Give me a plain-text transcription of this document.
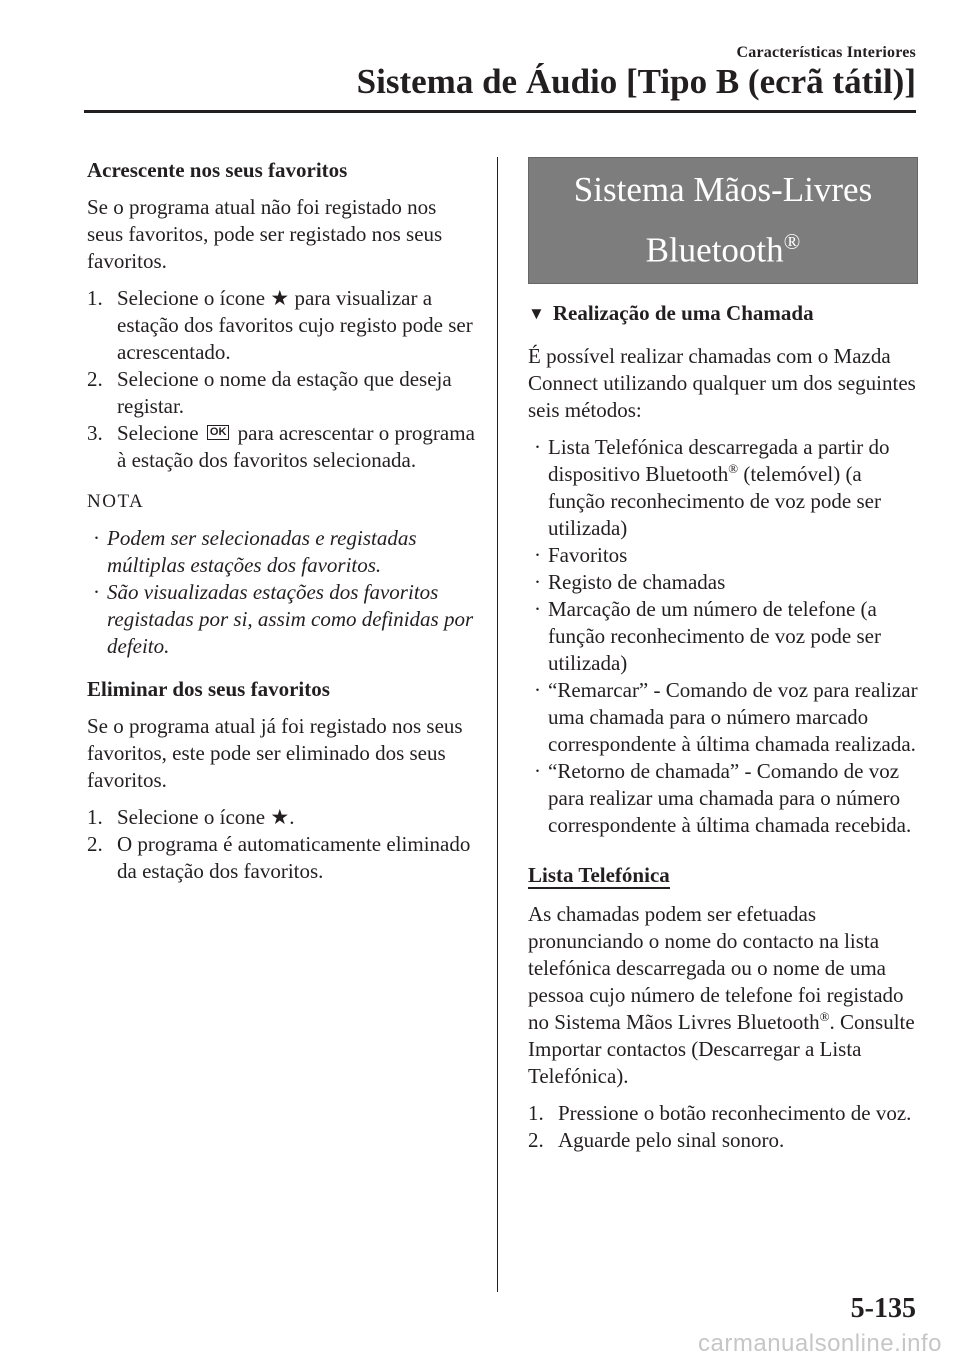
Características Interiores
Sistema de Áudio [Tipo B (ecrã tátil)]
Acrescente nos seus favoritos

Se o programa atual não foi registado nos seus favoritos, pode ser registado nos seus favoritos.

1. Selecione o ícone ★ para visualizar a estação dos favoritos cujo registo pode ser acrescentado.
2. Selecione o nome da estação que deseja registar.
3. Selecione OK para acrescentar o programa à estação dos favoritos selecionada.
NOTA
· Podem ser selecionadas e registadas múltiplas estações dos favoritos.
· São visualizadas estações dos favoritos registadas por si, assim como definidas por defeito.
Eliminar dos seus favoritos

Se o programa atual já foi registado nos seus favoritos, este pode ser eliminado dos seus favoritos.

1. Selecione o ícone ★.
2. O programa é automaticamente eliminado da estação dos favoritos.
Sistema Mãos-Livres
Bluetooth®
▼ Realização de uma Chamada

É possível realizar chamadas com o Mazda Connect utilizando qualquer um dos seguintes seis métodos:

· Lista Telefónica descarregada a partir do dispositivo Bluetooth® (telemóvel) (a função reconhecimento de voz pode ser utilizada)
· Favoritos
· Registo de chamadas
· Marcação de um número de telefone (a função reconhecimento de voz pode ser utilizada)
· “Remarcar” - Comando de voz para realizar uma chamada para o número marcado correspondente à última chamada realizada.
· “Retorno de chamada” - Comando de voz para realizar uma chamada para o número correspondente à última chamada recebida.
Lista Telefónica

As chamadas podem ser efetuadas pronunciando o nome do contacto na lista telefónica descarregada ou o nome de uma pessoa cujo número de telefone foi registado no Sistema Mãos Livres Bluetooth®. Consulte Importar contactos (Descarregar a Lista Telefónica).

1. Pressione o botão reconhecimento de voz.
2. Aguarde pelo sinal sonoro.
5-135
carmanualsonline.info
